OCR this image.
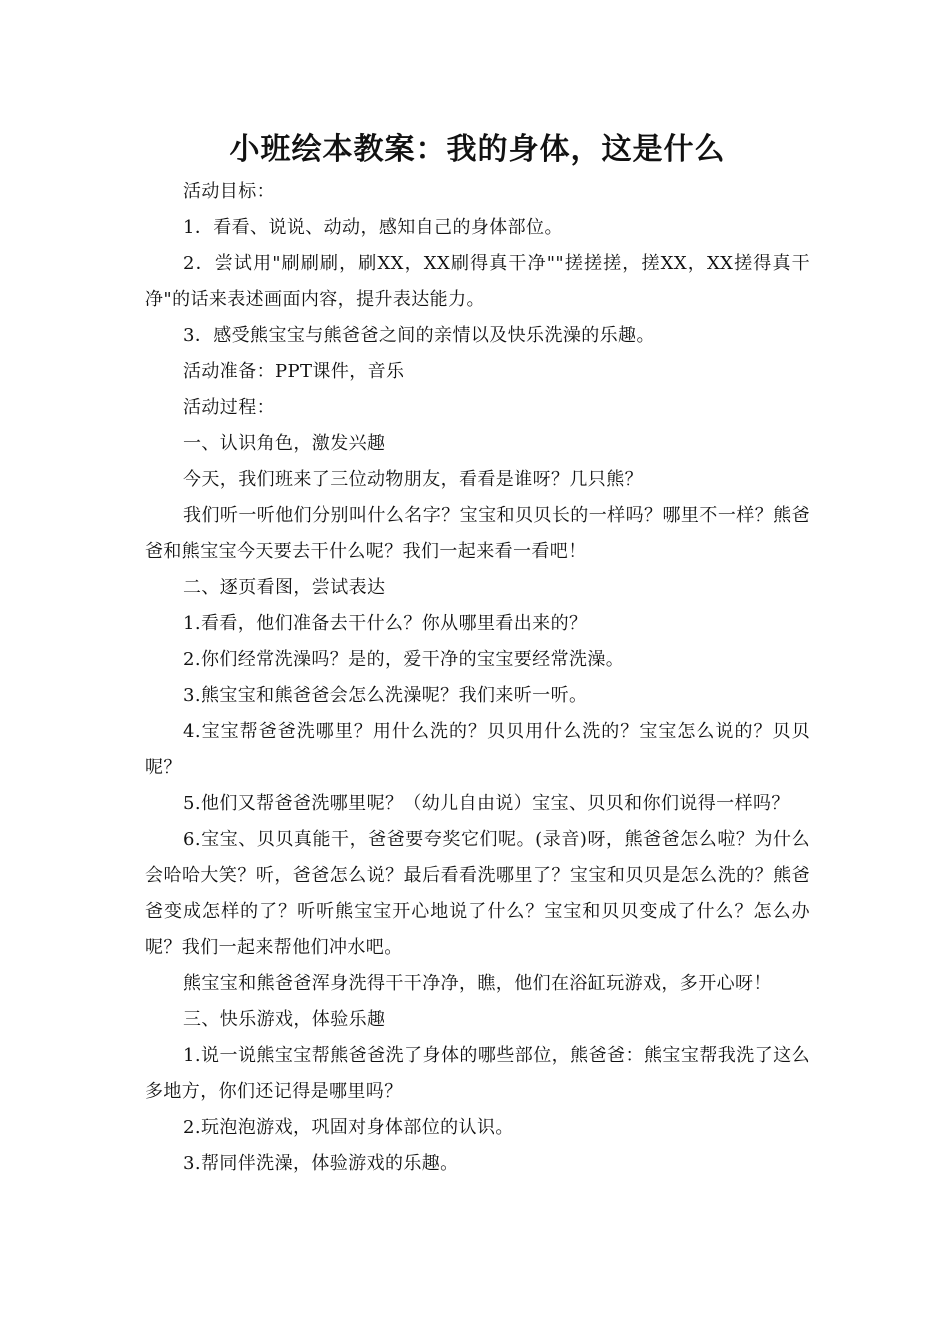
小班绘本教案：我的身体，这是什么

活动目标：

1．看看、说说、动动，感知自己的身体部位。

2．尝试用"刷刷刷，刷XX，XX刷得真干净""搓搓搓，搓XX，XX搓得真干净"的话来表述画面内容，提升表达能力。

3．感受熊宝宝与熊爸爸之间的亲情以及快乐洗澡的乐趣。

活动准备：PPT课件，音乐

活动过程：

一、认识角色，激发兴趣

今天，我们班来了三位动物朋友，看看是谁呀？几只熊？

我们听一听他们分别叫什么名字？宝宝和贝贝长的一样吗？哪里不一样？熊爸爸和熊宝宝今天要去干什么呢？我们一起来看一看吧！

二、逐页看图，尝试表达

1.看看，他们准备去干什么？你从哪里看出来的？

2.你们经常洗澡吗？是的，爱干净的宝宝要经常洗澡。

3.熊宝宝和熊爸爸会怎么洗澡呢？我们来听一听。

4.宝宝帮爸爸洗哪里？用什么洗的？贝贝用什么洗的？宝宝怎么说的？贝贝呢？

5.他们又帮爸爸洗哪里呢？（幼儿自由说）宝宝、贝贝和你们说得一样吗？

6.宝宝、贝贝真能干，爸爸要夸奖它们呢。(录音)呀，熊爸爸怎么啦？为什么会哈哈大笑？听，爸爸怎么说？最后看看洗哪里了？宝宝和贝贝是怎么洗的？熊爸爸变成怎样的了？听听熊宝宝开心地说了什么？宝宝和贝贝变成了什么？怎么办呢？我们一起来帮他们冲水吧。

熊宝宝和熊爸爸浑身洗得干干净净，瞧，他们在浴缸玩游戏，多开心呀！

三、快乐游戏，体验乐趣

1.说一说熊宝宝帮熊爸爸洗了身体的哪些部位，熊爸爸：熊宝宝帮我洗了这么多地方，你们还记得是哪里吗？

2.玩泡泡游戏，巩固对身体部位的认识。

3.帮同伴洗澡，体验游戏的乐趣。
